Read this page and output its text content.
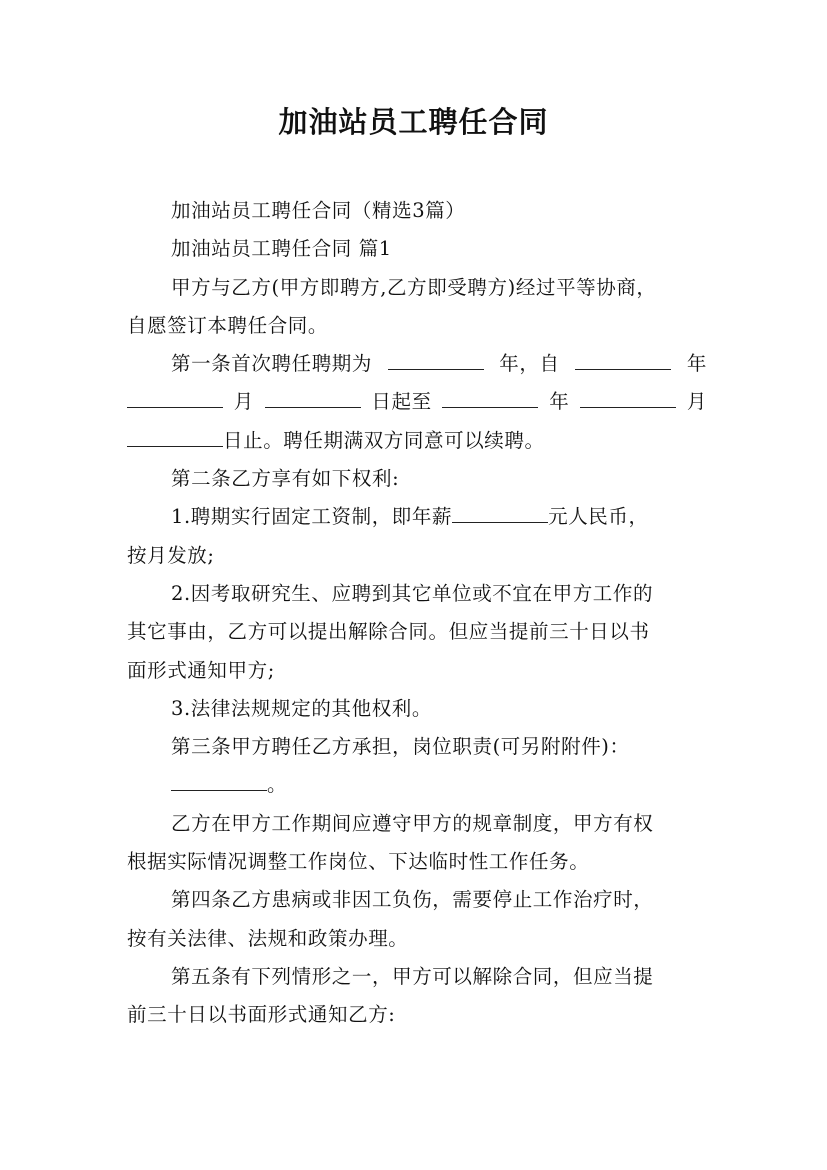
加油站员工聘任合同
加油站员工聘任合同（精选3篇）
加油站员工聘任合同 篇1
甲方与乙方(甲方即聘方,乙方即受聘方)经过平等协商，
自愿签订本聘任合同。
第一条首次聘任聘期为	年，自	年
月	日起至	年	月
日止。聘任期满双方同意可以续聘。
第二条乙方享有如下权利:
1.聘期实行固定工资制，即年薪	元人民币，
按月发放;
2.因考取研究生、应聘到其它单位或不宜在甲方工作的
其它事由，乙方可以提出解除合同。但应当提前三十日以书
面形式通知甲方;
3.法律法规规定的其他权利。
第三条甲方聘任乙方承担，岗位职责(可另附附件)：
。
乙方在甲方工作期间应遵守甲方的规章制度，甲方有权
根据实际情况调整工作岗位、下达临时性工作任务。
第四条乙方患病或非因工负伤，需要停止工作治疗时，
按有关法律、法规和政策办理。
第五条有下列情形之一，甲方可以解除合同，但应当提
前三十日以书面形式通知乙方:
